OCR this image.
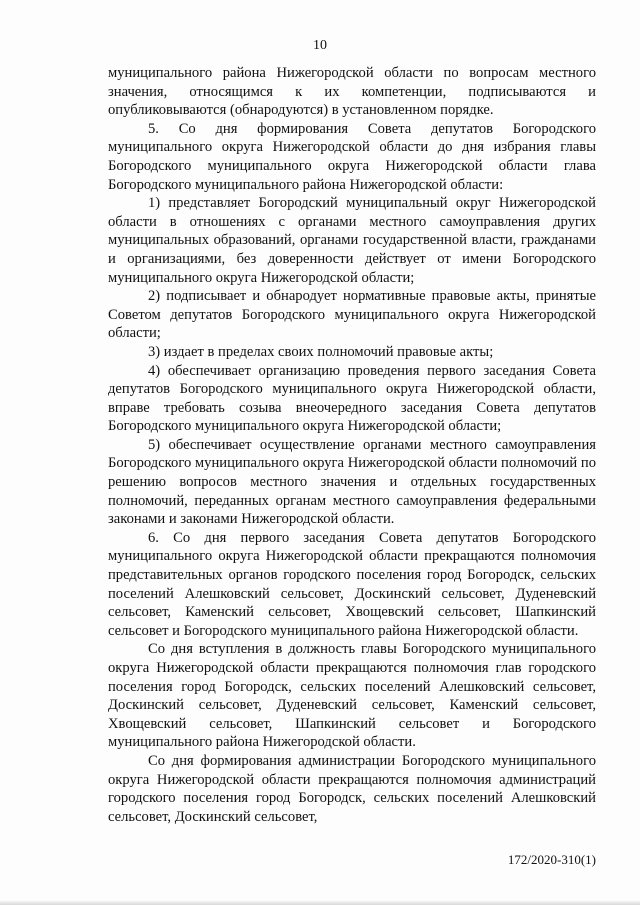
10

муниципального района Нижегородской области по вопросам местного значения, относящимся к их компетенции, подписываются и опубликовываются (обнародуются) в установленном порядке.

5. Со дня формирования Совета депутатов Богородского муниципального округа Нижегородской области до дня избрания главы Богородского муниципального округа Нижегородской области глава Богородского муниципального района Нижегородской области:

1) представляет Богородский муниципальный округ Нижегородской области в отношениях с органами местного самоуправления других муниципальных образований, органами государственной власти, гражданами и организациями, без доверенности действует от имени Богородского муниципального округа Нижегородской области;

2) подписывает и обнародует нормативные правовые акты, принятые Советом депутатов Богородского муниципального округа Нижегородской области;

3) издает в пределах своих полномочий правовые акты;

4) обеспечивает организацию проведения первого заседания Совета депутатов Богородского муниципального округа Нижегородской области, вправе требовать созыва внеочередного заседания Совета депутатов Богородского муниципального округа Нижегородской области;

5) обеспечивает осуществление органами местного самоуправления Богородского муниципального округа Нижегородской области полномочий по решению вопросов местного значения и отдельных государственных полномочий, переданных органам местного самоуправления федеральными законами и законами Нижегородской области.

6. Со дня первого заседания Совета депутатов Богородского муниципального округа Нижегородской области прекращаются полномочия представительных органов городского поселения город Богородск, сельских поселений Алешковский сельсовет, Доскинский сельсовет, Дуденевский сельсовет, Каменский сельсовет, Хвощевский сельсовет, Шапкинский сельсовет и Богородского муниципального района Нижегородской области.

Со дня вступления в должность главы Богородского муниципального округа Нижегородской области прекращаются полномочия глав городского поселения город Богородск, сельских поселений Алешковский сельсовет, Доскинский сельсовет, Дуденевский сельсовет, Каменский сельсовет, Хвощевский сельсовет, Шапкинский сельсовет и Богородского муниципального района Нижегородской области.

Со дня формирования администрации Богородского муниципального округа Нижегородской области прекращаются полномочия администраций городского поселения город Богородск, сельских поселений Алешковский сельсовет, Доскинский сельсовет,

172/2020-310(1)
